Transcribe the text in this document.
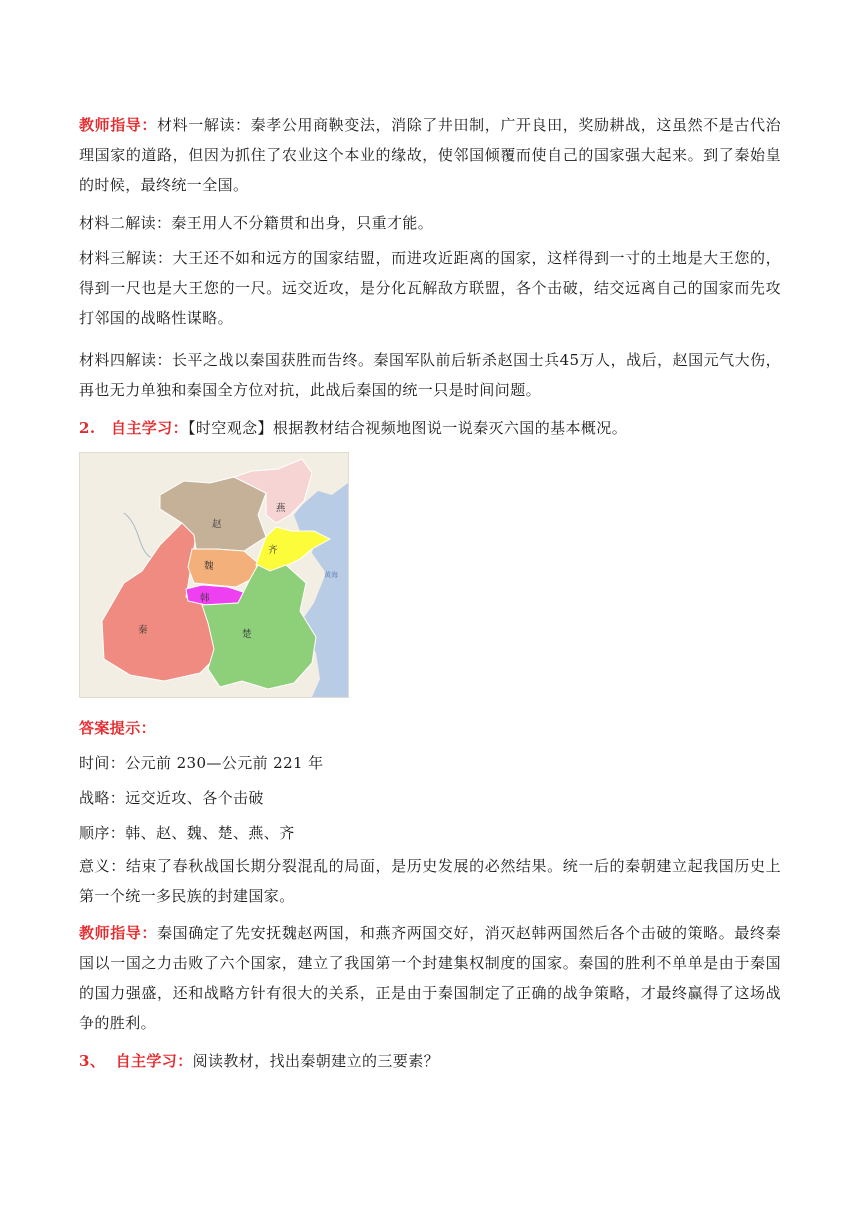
教师指导：材料一解读：秦孝公用商鞅变法，消除了井田制，广开良田，奖励耕战，这虽然不是古代治理国家的道路，但因为抓住了农业这个本业的缘故，使邻国倾覆而使自己的国家强大起来。到了秦始皇的时候，最终统一全国。

材料二解读：秦王用人不分籍贯和出身，只重才能。

材料三解读：大王还不如和远方的国家结盟，而进攻近距离的国家，这样得到一寸的土地是大王您的，得到一尺也是大王您的一尺。远交近攻，是分化瓦解敌方联盟，各个击破，结交远离自己的国家而先攻打邻国的战略性谋略。

材料四解读：长平之战以秦国获胜而告终。秦国军队前后斩杀赵国士兵45万人，战后，赵国元气大伤，再也无力单独和秦国全方位对抗，此战后秦国的统一只是时间问题。

2. 自主学习：【时空观念】根据教材结合视频地图说一说秦灭六国的基本概况。

秦
赵
燕
齐
魏
韩
楚
黄海

答案提示：

时间：公元前 230—公元前 221 年

战略：远交近攻、各个击破

顺序：韩、赵、魏、楚、燕、齐

意义：结束了春秋战国长期分裂混乱的局面，是历史发展的必然结果。统一后的秦朝建立起我国历史上第一个统一多民族的封建国家。

教师指导：秦国确定了先安抚魏赵两国，和燕齐两国交好，消灭赵韩两国然后各个击破的策略。最终秦国以一国之力击败了六个国家，建立了我国第一个封建集权制度的国家。秦国的胜利不单单是由于秦国的国力强盛，还和战略方针有很大的关系，正是由于秦国制定了正确的战争策略，才最终赢得了这场战争的胜利。

3、 自主学习：阅读教材，找出秦朝建立的三要素？
